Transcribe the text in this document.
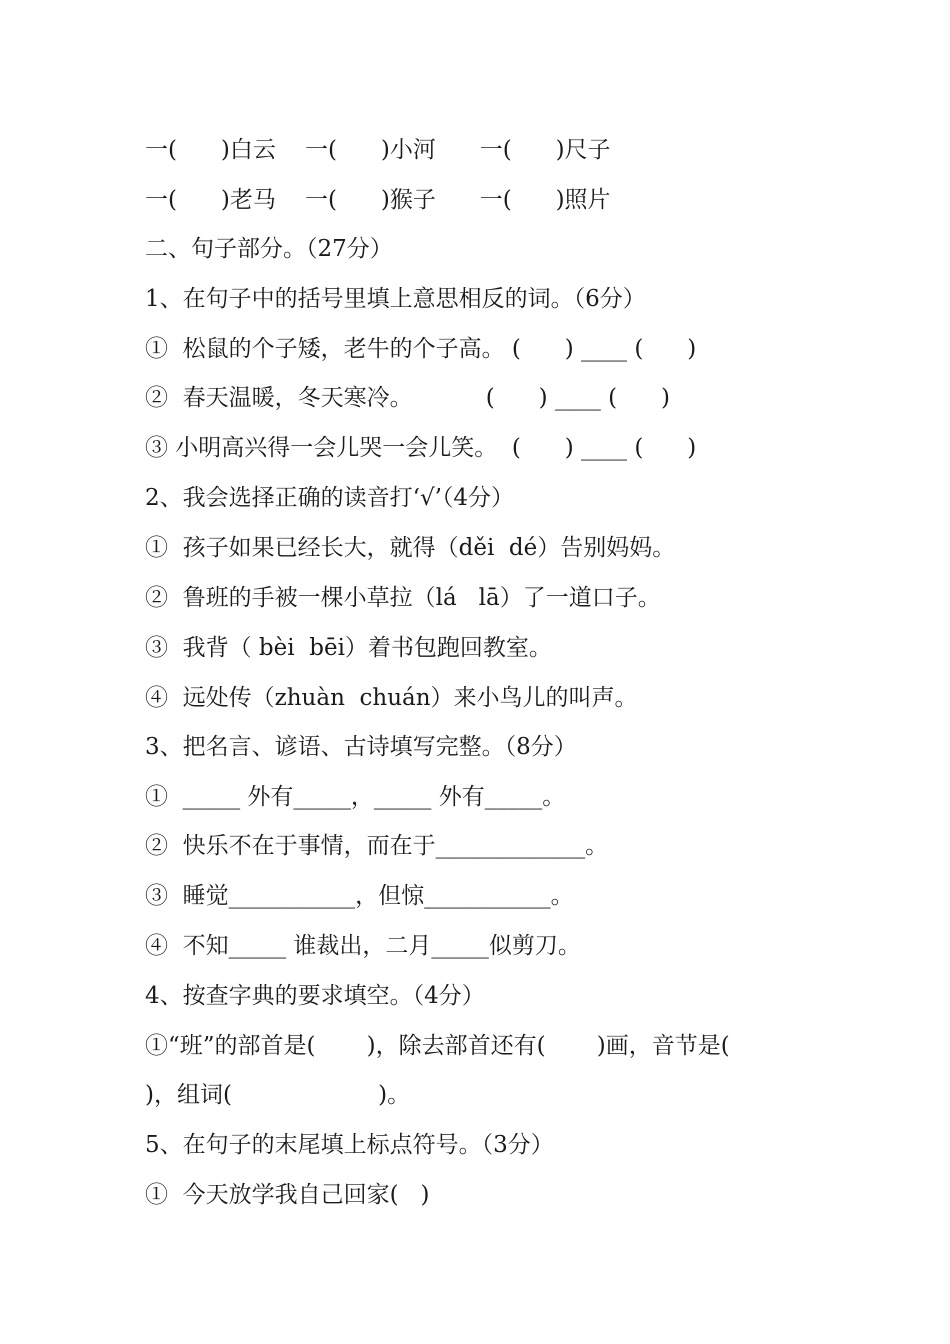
一(      )白云    一(      )小河      一(      )尺子
一(      )老马    一(      )猴子      一(      )照片
二、句子部分。（27分）
1、在句子中的括号里填上意思相反的词。（6分）
①  松鼠的个子矮，老牛的个子高。 (      ) ____ (      )
②  春天温暖，冬天寒冷。          (      ) ____ (      )
③ 小明高兴得一会儿哭一会儿笑。  (      ) ____ (      )
2、我会选择正确的读音打‘√’（4分）
①  孩子如果已经长大，就得（děi  dé）告别妈妈。
②  鲁班的手被一棵小草拉（lá   lā）了一道口子。
③  我背（ bèi  bēi）着书包跑回教室。
④  远处传（zhuàn  chuán）来小鸟儿的叫声。
3、把名言、谚语、古诗填写完整。（8分）
①  _____ 外有_____，_____ 外有_____。
②  快乐不在于事情，而在于_____________。
③  睡觉___________，但惊___________。
④  不知_____ 谁裁出，二月_____似剪刀。
4、按查字典的要求填空。（4分）
①“班”的部首是(       )，除去部首还有(       )画，音节是(
)，组词(                    )。
5、在句子的末尾填上标点符号。（3分）
①  今天放学我自己回家(   )
